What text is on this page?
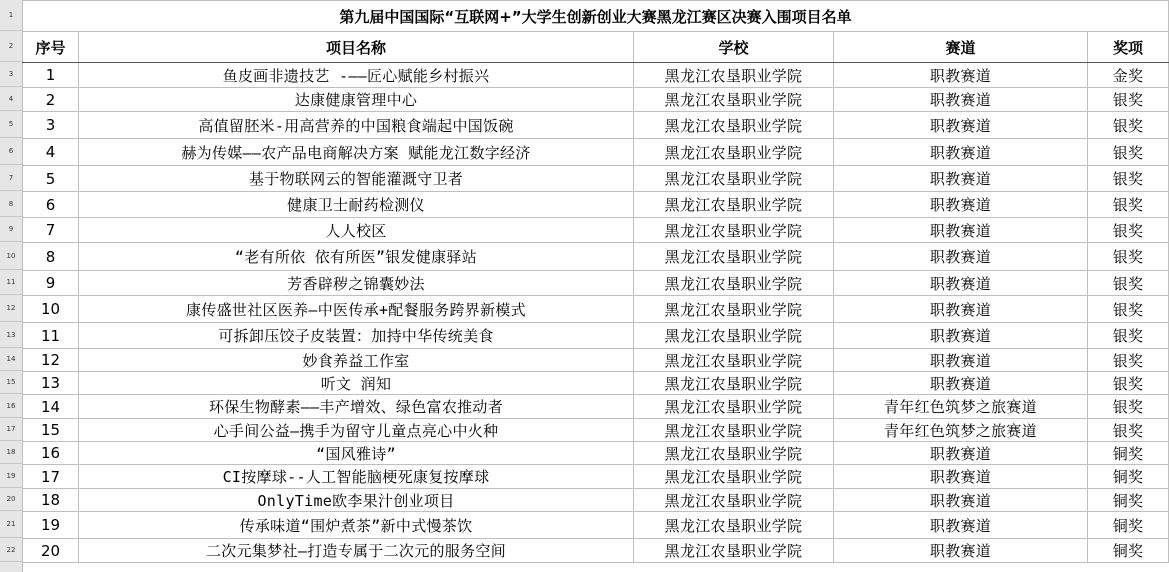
1
2
3
4
5
6
7
8
9
10
11
12
13
14
15
16
17
18
19
20
21
22
第九届中国国际“互联网+”大学生创新创业大赛黑龙江赛区决赛入围项目名单				
序号	项目名称	学校	赛道	奖项
1	鱼皮画非遗技艺 -——匠心赋能乡村振兴	黑龙江农垦职业学院	职教赛道	金奖
2	达康健康管理中心	黑龙江农垦职业学院	职教赛道	银奖
3	高值留胚米-用高营养的中国粮食端起中国饭碗	黑龙江农垦职业学院	职教赛道	银奖
4	赫为传媒——农产品电商解决方案 赋能龙江数字经济	黑龙江农垦职业学院	职教赛道	银奖
5	基于物联网云的智能灌溉守卫者	黑龙江农垦职业学院	职教赛道	银奖
6	健康卫士耐药检测仪	黑龙江农垦职业学院	职教赛道	银奖
7	人人校区	黑龙江农垦职业学院	职教赛道	银奖
8	“老有所依 依有所医”银发健康驿站	黑龙江农垦职业学院	职教赛道	银奖
9	芳香辟秽之锦囊妙法	黑龙江农垦职业学院	职教赛道	银奖
10	康传盛世社区医养—中医传承+配餐服务跨界新模式	黑龙江农垦职业学院	职教赛道	银奖
11	可拆卸压饺子皮装置：加持中华传统美食	黑龙江农垦职业学院	职教赛道	银奖
12	妙食养益工作室	黑龙江农垦职业学院	职教赛道	银奖
13	听文 润知	黑龙江农垦职业学院	职教赛道	银奖
14	环保生物酵素——丰产增效、绿色富农推动者	黑龙江农垦职业学院	青年红色筑梦之旅赛道	银奖
15	心手间公益—携手为留守儿童点亮心中火种	黑龙江农垦职业学院	青年红色筑梦之旅赛道	银奖
16	“国风雅诗”	黑龙江农垦职业学院	职教赛道	铜奖
17	CI按摩球--人工智能脑梗死康复按摩球	黑龙江农垦职业学院	职教赛道	铜奖
18	OnlyTime欧李果汁创业项目	黑龙江农垦职业学院	职教赛道	铜奖
19	传承味道“围炉煮茶”新中式慢茶饮	黑龙江农垦职业学院	职教赛道	铜奖
20	二次元集梦社—打造专属于二次元的服务空间	黑龙江农垦职业学院	职教赛道	铜奖
